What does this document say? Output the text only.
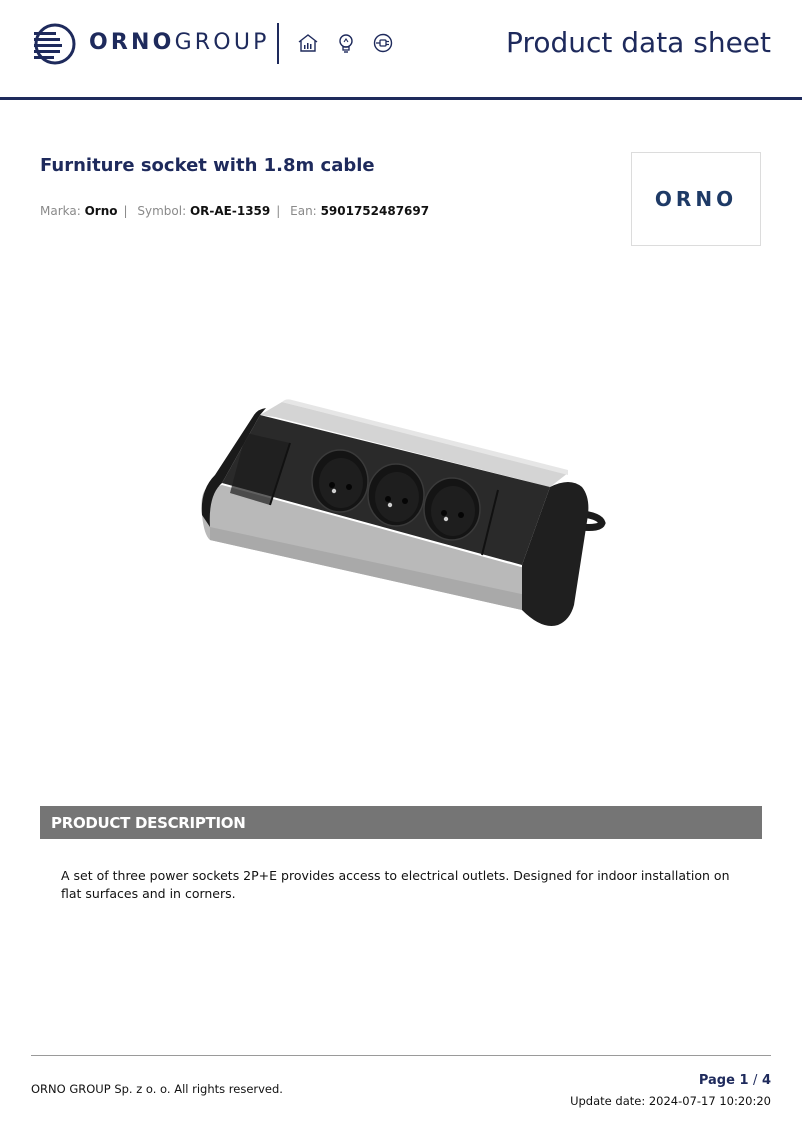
ORNOGROUP	Product data sheet
Furniture socket with 1.8m cable
Marka: Orno | Symbol: OR-AE-1359 | Ean: 5901752487697	ORNO
PRODUCT DESCRIPTION
A set of three power sockets 2P+E provides access to electrical outlets. Designed for indoor installation on flat surfaces and in corners.
ORNO GROUP Sp. z o. o. All rights reserved.
Page 1 / 4
Update date: 2024-07-17 10:20:20
